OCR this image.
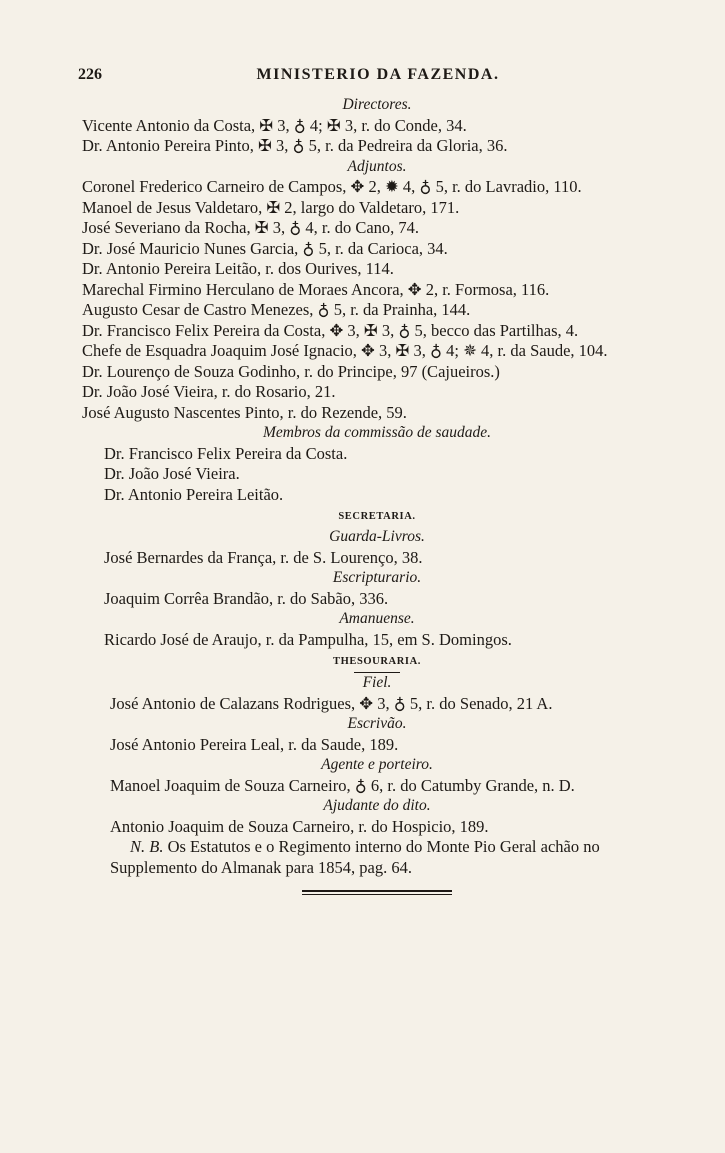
226	MINISTERIO DA FAZENDA.
Directores.
Vicente Antonio da Costa, ✠ 3, ♁ 4; ✠ 3, r. do Conde, 34.
Dr. Antonio Pereira Pinto, ✠ 3, ♁ 5, r. da Pedreira da Gloria, 36.
Adjuntos.
Coronel Frederico Carneiro de Campos, ✥ 2, ✹ 4, ♁ 5, r. do Lavradio, 110.
Manoel de Jesus Valdetaro, ✠ 2, largo do Valdetaro, 171.
José Severiano da Rocha, ✠ 3, ♁ 4, r. do Cano, 74.
Dr. José Mauricio Nunes Garcia, ♁ 5, r. da Carioca, 34.
Dr. Antonio Pereira Leitão, r. dos Ourives, 114.
Marechal Firmino Herculano de Moraes Ancora, ✥ 2, r. Formosa, 116.
Augusto Cesar de Castro Menezes, ♁ 5, r. da Prainha, 144.
Dr. Francisco Felix Pereira da Costa, ✥ 3, ✠ 3, ♁ 5, becco das Partilhas, 4.
Chefe de Esquadra Joaquim José Ignacio, ✥ 3, ✠ 3, ♁ 4; ✵ 4, r. da Saude, 104.
Dr. Lourenço de Souza Godinho, r. do Principe, 97 (Cajueiros.)
Dr. João José Vieira, r. do Rosario, 21.
José Augusto Nascentes Pinto, r. do Rezende, 59.
Membros da commissão de saudade.
Dr. Francisco Felix Pereira da Costa.
Dr. João José Vieira.
Dr. Antonio Pereira Leitão.
SECRETARIA.
Guarda-Livros.
José Bernardes da França, r. de S. Lourenço, 38.
Escripturario.
Joaquim Corrêa Brandão, r. do Sabão, 336.
Amanuense.
Ricardo José de Araujo, r. da Pampulha, 15, em S. Domingos.
THESOURARIA.
Fiel.
José Antonio de Calazans Rodrigues, ✥ 3, ♁ 5, r. do Senado, 21 A.
Escrivão.
José Antonio Pereira Leal, r. da Saude, 189.
Agente e porteiro.
Manoel Joaquim de Souza Carneiro, ♁ 6, r. do Catumby Grande, n. D.
Ajudante do dito.
Antonio Joaquim de Souza Carneiro, r. do Hospicio, 189.
N. B. Os Estatutos e o Regimento interno do Monte Pio Geral achão no Supplemento do Almanak para 1854, pag. 64.
